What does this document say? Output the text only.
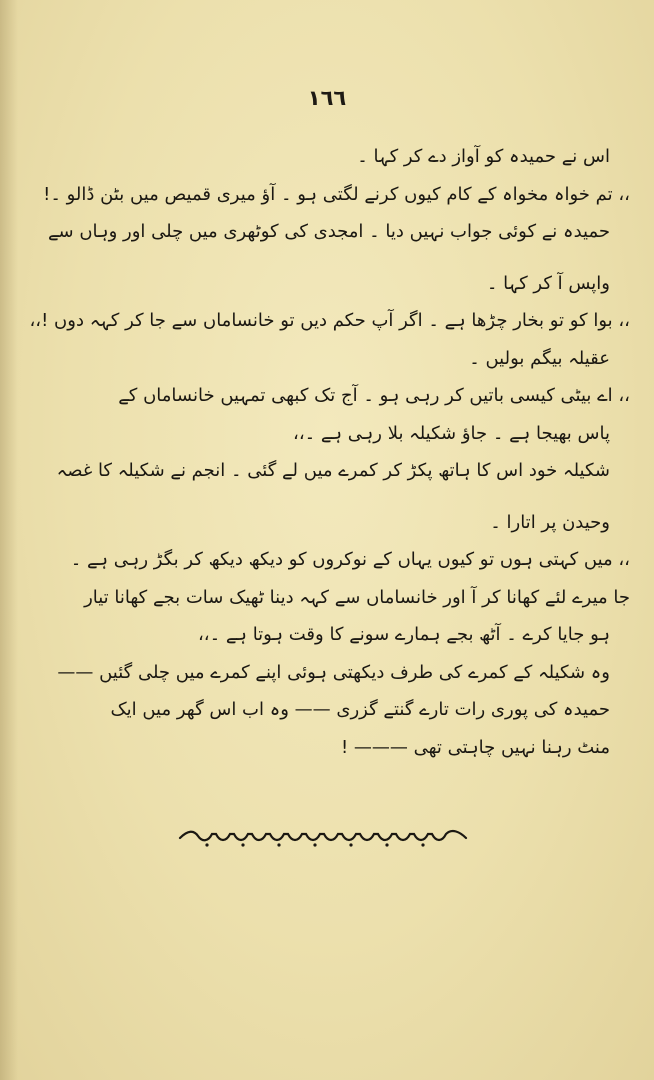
١٦٦
اس نے حمیدہ کو آواز دے کر کہا ۔
،، تم خواہ مخواہ کے کام کیوں کرنے لگتی ہو ۔ آؤ میری قمیص میں بٹن ڈالو ۔!
حمیدہ نے کوئی جواب نہیں دیا ۔ امجدی کی کوٹھری میں چلی اور وہاں سے
واپس آ کر کہا ۔
،، بوا کو تو بخار چڑھا ہے ۔ اگر آپ حکم دیں تو خانساماں سے جا کر کہہ دوں !،،
عقیلہ بیگم بولیں ۔
،، اے بیٹی کیسی باتیں کر رہی ہو ۔ آج تک کبھی تمہیں خانساماں کے
پاس بھیجا ہے ۔ جاؤ شکیلہ بلا رہی ہے ۔،،
شکیلہ خود اس کا ہاتھ پکڑ کر کمرے میں لے گئی ۔ انجم نے شکیلہ کا غصہ
وحیدن پر اتارا ۔
،، میں کہتی ہوں تو کیوں یہاں کے نوکروں کو دیکھ دیکھ کر بگڑ رہی ہے ۔
جا میرے لئے کھانا کر آ اور خانساماں سے کہہ دینا ٹھیک سات بجے کھانا تیار
ہو جایا کرے ۔ آٹھ بجے ہمارے سونے کا وقت ہوتا ہے ۔،،
وہ شکیلہ کے کمرے کی طرف دیکھتی ہوئی اپنے کمرے میں چلی گئیں ——
حمیدہ کی پوری رات تارے گنتے گزری —— وہ اب اس گھر میں ایک
منٹ رہنا نہیں چاہتی تھی ——— !
